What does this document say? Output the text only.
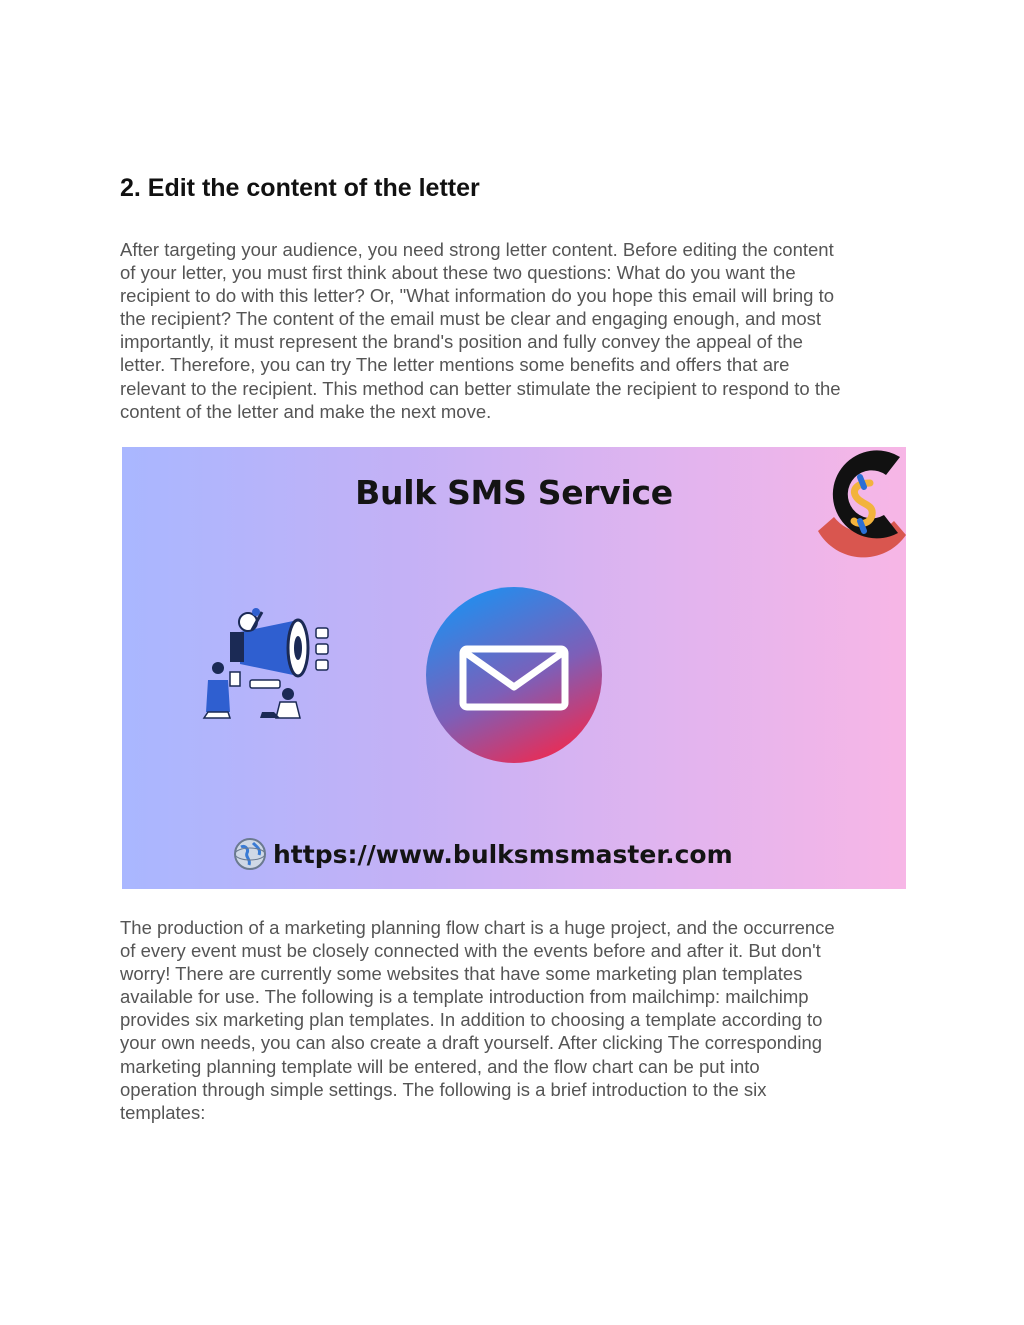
2. Edit the content of the letter

After targeting your audience, you need strong letter content. Before editing the content
of your letter, you must first think about these two questions: What do you want the
recipient to do with this letter? Or, "What information do you hope this email will bring to
the recipient? The content of the email must be clear and engaging enough, and most
importantly, it must represent the brand's position and fully convey the appeal of the
letter. Therefore, you can try The letter mentions some benefits and offers that are
relevant to the recipient. This method can better stimulate the recipient to respond to the
content of the letter and make the next move.

Bulk SMS Service
https://www.bulksmsmaster.com

The production of a marketing planning flow chart is a huge project, and the occurrence
of every event must be closely connected with the events before and after it. But don't
worry! There are currently some websites that have some marketing plan templates
available for use. The following is a template introduction from mailchimp: mailchimp
provides six marketing plan templates. In addition to choosing a template according to
your own needs, you can also create a draft yourself. After clicking The corresponding
marketing planning template will be entered, and the flow chart can be put into
operation through simple settings. The following is a brief introduction to the six
templates:
